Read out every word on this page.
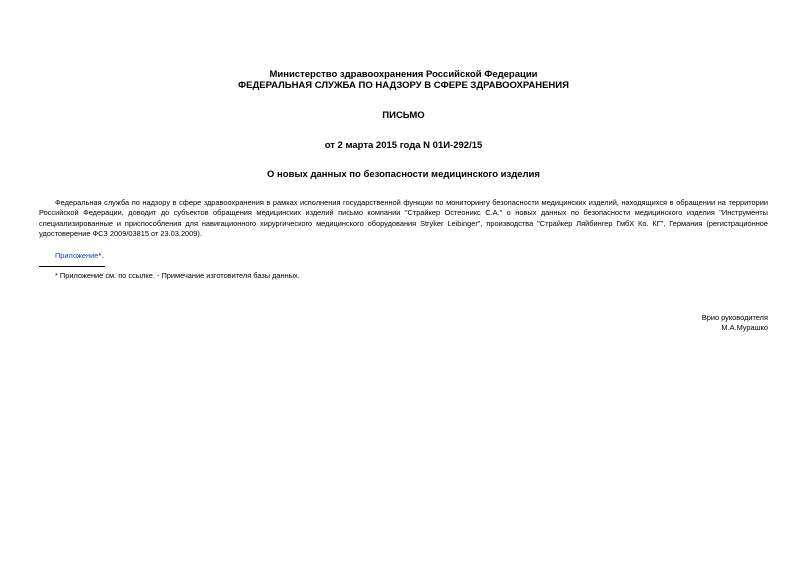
Министерство здравоохранения Российской Федерации
ФЕДЕРАЛЬНАЯ СЛУЖБА ПО НАДЗОРУ В СФЕРЕ ЗДРАВООХРАНЕНИЯ
ПИСЬМО
от 2 марта 2015 года N 01И-292/15
О новых данных по безопасности медицинского изделия
Федеральная служба по надзору в сфере здравоохранения в рамках исполнения государственной функции по мониторингу безопасности медицинских изделий, находящихся в обращении на территории Российской Федерации, доводит до субъектов обращения медицинских изделий письмо компании "Страйкер Остеоникс С.А." о новых данных по безопасности медицинского изделия "Инструменты специализированные и приспособления для навигационного хирургического медицинского оборудования Stryker Leibinger", производства "Страйкер Ляйбингер ГмбХ Ко. КГ", Германия (регистрационное удостоверение ФСЗ 2009/03815 от 23.03.2009).
Приложение*.
* Приложение см. по ссылке. - Примечание изготовителя базы данных.
Врио руководителя
М.А.Мурашко
